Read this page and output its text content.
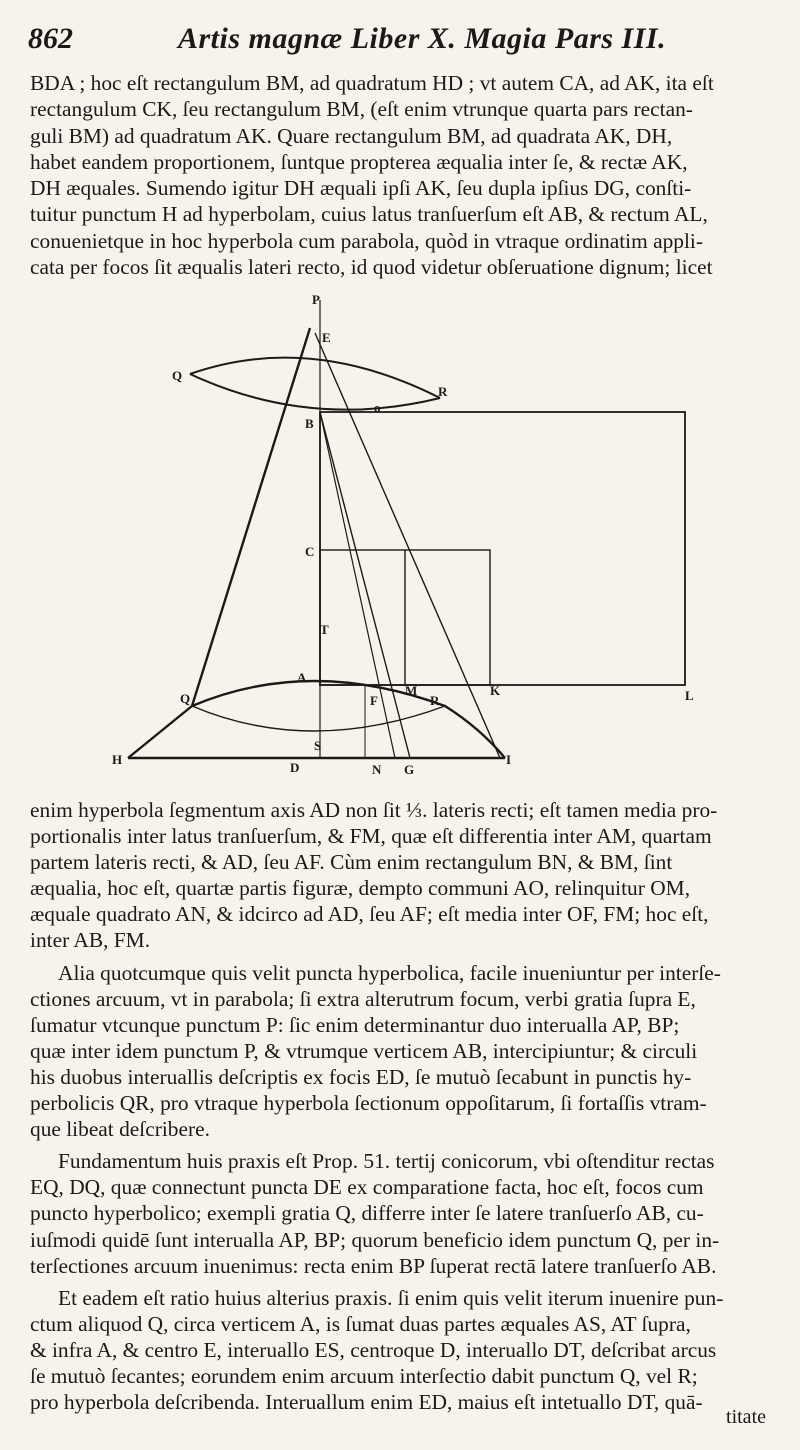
862	Artis magnæ Liber X. Magia Pars III.
BDA ; hoc eſt rectangulum BM, ad quadratum HD ; vt autem CA, ad AK, ita eſt
rectangulum CK, ſeu rectangulum BM, (eſt enim vtrunque quarta pars rectan-
guli BM) ad quadratum AK. Quare rectangulum BM, ad quadrata AK, DH,
habet eandem proportionem, ſuntque propterea æqualia inter ſe, & rectæ AK,
DH æquales. Sumendo igitur DH æquali ipſi AK, ſeu dupla ipſius DG, conſti-
tuitur punctum H ad hyperbolam, cuius latus tranſuerſum eſt AB, & rectum AL,
conuenietque in hoc hyperbola cum parabola, quòd in vtraque ordinatim appli-
cata per focos ſit æqualis lateri recto, id quod videtur obſeruatione dignum; licet
P
E
Q
R
o
B
C
T
A
Q	F
M
R
K	L
H
S
D	N G
I
enim hyperbola ſegmentum axis AD non ſit ⅓. lateris recti; eſt tamen media pro-
portionalis inter latus tranſuerſum, & FM, quæ eſt differentia inter AM, quartam
partem lateris recti, & AD, ſeu AF. Cùm enim rectangulum BN, & BM, ſint
æqualia, hoc eſt, quartæ partis figuræ, dempto communi AO, relinquitur OM,
æquale quadrato AN, & idcirco ad AD, ſeu AF; eſt media inter OF, FM; hoc eſt,
inter AB, FM.
Alia quotcumque quis velit puncta hyperbolica, facile inueniuntur per interſe-
ctiones arcuum, vt in parabola; ſi extra alterutrum focum, verbi gratia ſupra E,
ſumatur vtcunque punctum P: ſic enim determinantur duo interualla AP, BP;
quæ inter idem punctum P, & vtrumque verticem AB, intercipiuntur; & circuli
his duobus interuallis deſcriptis ex focis ED, ſe mutuò ſecabunt in punctis hy-
perbolicis QR, pro vtraque hyperbola ſectionum oppoſitarum, ſi fortaſſis vtram-
que libeat deſcribere.
Fundamentum huis praxis eſt Prop. 51. tertij conicorum, vbi oſtenditur rectas
EQ, DQ, quæ connectunt puncta DE ex comparatione facta, hoc eſt, focos cum
puncto hyperbolico; exempli gratia Q, differre inter ſe latere tranſuerſo AB, cu-
iuſmodi quidē ſunt interualla AP, BP; quorum beneficio idem punctum Q, per in-
terſectiones arcuum inuenimus: recta enim BP ſuperat rectā latere tranſuerſo AB.
Et eadem eſt ratio huius alterius praxis. ſi enim quis velit iterum inuenire pun-
ctum aliquod Q, circa verticem A, is ſumat duas partes æquales AS, AT ſupra,
& infra A, & centro E, interuallo ES, centroque D, interuallo DT, deſcribat arcus
ſe mutuò ſecantes; eorundem enim arcuum interſectio dabit punctum Q, vel R;
pro hyperbola deſcribenda. Interuallum enim ED, maius eſt intetuallo DT, quā-
titate
